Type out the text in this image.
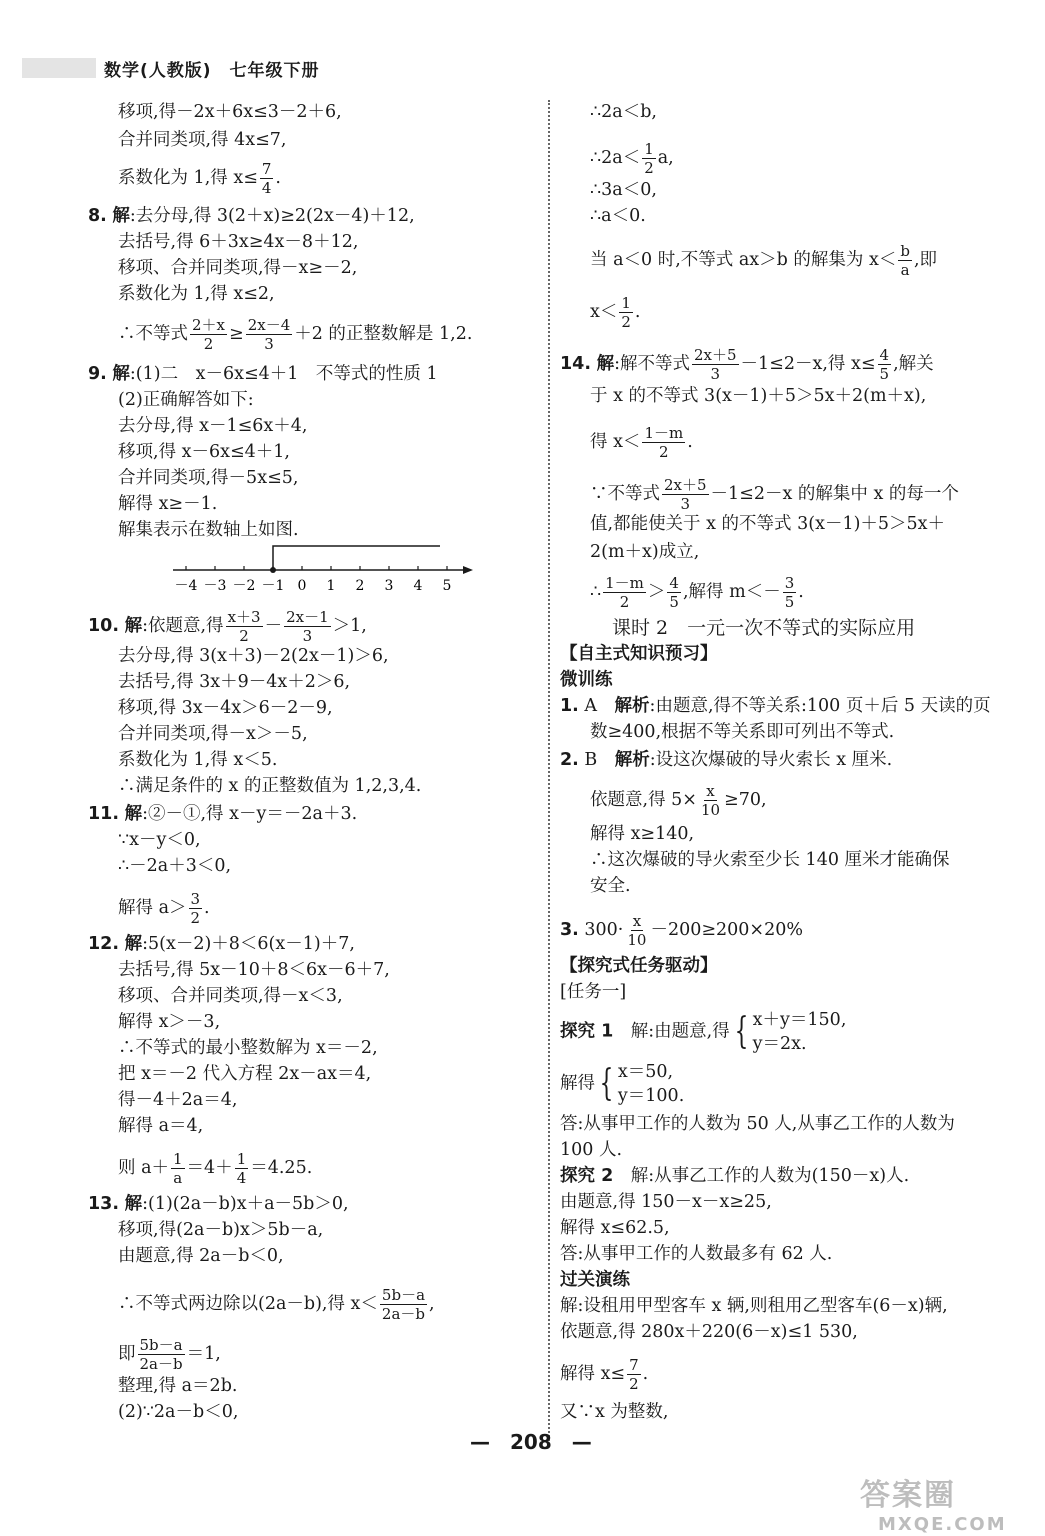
数学(人教版)　七年级下册
移项,得－2x＋6x≤3－2＋6,
合并同类项,得 4x≤7,
系数化为 1,得 $x\le \frac{7}{4}$ .
8. 解:去分母,得 3(2＋x)≥2(2x－4)＋12,
去括号,得 6＋3x≥4x－8＋12,
移项、合并同类项,得－x≥－2,
系数化为 1,得 x≤2,
∴不等式 $\frac{2+x}{2} \ge \frac{2x-4}{3} +2$ 的正整数解是 1,2.
9. 解:(1)二　x－6x≤4＋1　不等式的性质 1
(2)正确解答如下:
去分母,得 x－1≤6x＋4,
移项,得 x－6x≤4＋1,
合并同类项,得－5x≤5,
解得 x≥－1.
解集表示在数轴上如图.
10. 解:依题意,得 $\frac{x+3}{2} - \frac{2x-1}{3} >1$,
去分母,得 3(x＋3)－2(2x－1)＞6,
去括号,得 3x＋9－4x＋2＞6,
移项,得 3x－4x＞6－2－9,
合并同类项,得－x＞－5,
系数化为 1,得 x＜5.
∴满足条件的 x 的正整数值为 1,2,3,4.
11. 解:②－①,得 x－y＝－2a＋3.
∵x－y＜0,
∴－2a＋3＜0,
解得 $a> \frac{3}{2}$ .
12. 解:5(x－2)＋8＜6(x－1)＋7,
去括号,得 5x－10＋8＜6x－6＋7,
移项、合并同类项,得－x＜3,
解得 x＞－3,
∴不等式的最小整数解为 x＝－2,
把 x＝－2 代入方程 2x－ax＝4,
得－4＋2a＝4,
解得 a＝4,
则 $a+ \frac{1}{a} =4+ \frac{1}{4} =4.25$.
13. 解:(1)(2a－b)x＋a－5b＞0,
移项,得(2a－b)x＞5b－a,
由题意,得 2a－b＜0,
∴不等式两边除以(2a－b),得 $x< \frac{5b-a}{2a-b}$ ,
即 $\frac{5b-a}{2a-b} =1$,
整理,得 a＝2b.
(2)∵2a－b＜0,
－4 －3 －2 －1 0 1 2 3 4 5
∴2a＜b,
∴2a＜ $\frac{1}{2} a$,
∴3a＜0,
∴a＜0.
当 a＜0 时,不等式 ax＞b 的解集为 $x< \frac{b}{a}$ ,即
$x< \frac{1}{2}$ .
14. 解:解不等式 $\frac{2x+5}{3} -1\le 2-x$,得 $x\le \frac{4}{5}$ ,解关
于 x 的不等式 3(x－1)＋5＞5x＋2(m＋x),
得 $x< \frac{1-m}{2}$ .
∵不等式 $\frac{2x+5}{3} -1\le 2-x$ 的解集中 x 的每一个
值,都能使关于 x 的不等式 3(x－1)＋5＞5x＋
2(m＋x)成立,
∴ $\frac{1-m}{2} > \frac{4}{5}$ ,解得 $m<- \frac{3}{5}$ .
课时 2　一元一次不等式的实际应用
【自主式知识预习】
微训练
1. A　解析:由题意,得不等关系:100 页＋后 5 天读的页
数≥400,根据不等关系即可列出不等式.
2. B　解析:设这次爆破的导火索长 x 厘米.
依题意,得 $5\times \frac{x}{10} \ge 70$,
解得 x≥140,
∴这次爆破的导火索至少长 140 厘米才能确保
安全.
3. $300\cdot \frac{x}{10} -200\ge 200\times 20\%$
【探究式任务驱动】
[任务一]
探究 1　 解:由题意,得 { x＋y＝150,
y＝2x.
解得 { x＝50,
y＝100.
答:从事甲工作的人数为 50 人,从事乙工作的人数为
100 人.
探究 2　 解:从事乙工作的人数为(150－x)人.
由题意,得 150－x－x≥25,
解得 x≤62.5,
答:从事甲工作的人数最多有 62 人.
过关演练
解:设租用甲型客车 x 辆,则租用乙型客车(6－x)辆,
依题意,得 280x＋220(6－x)≤1 530,
解得 $x\le \frac{7}{2}$ .
又∵x 为整数,
—　208　—
答案圈
MXQE.COM
